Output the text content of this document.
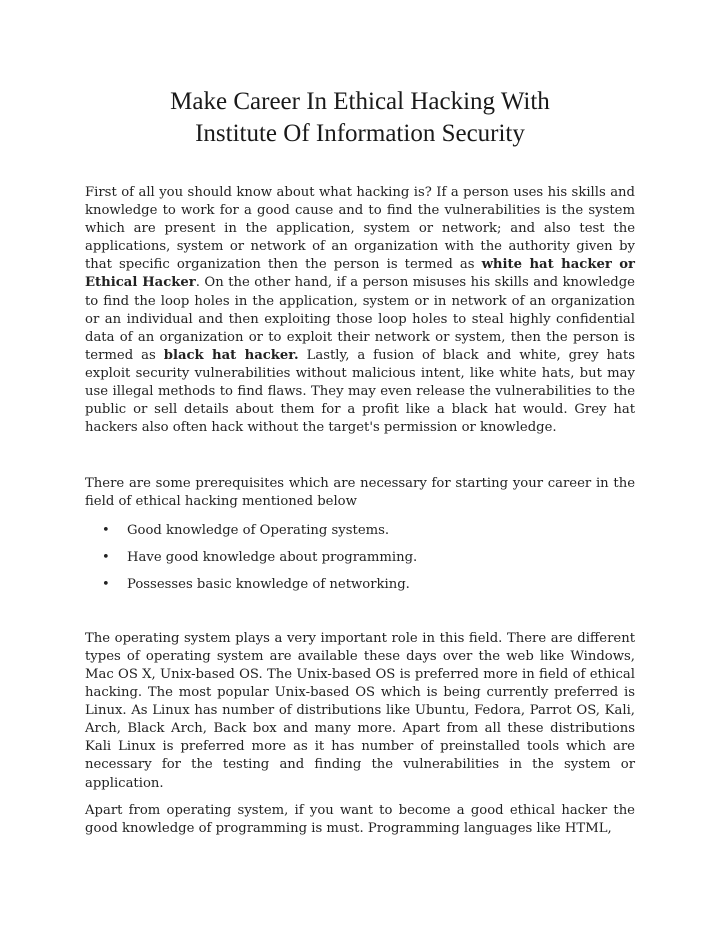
Make Career In Ethical Hacking With
Institute Of Information Security

First of all you should know about what hacking is? If a person uses his skills and knowledge to work for a good cause and to find the vulnerabilities is the system which are present in the application, system or network; and also test the applications, system or network of an organization with the authority given by that specific organization then the person is termed as white hat hacker or Ethical Hacker. On the other hand, if a person misuses his skills and knowledge to find the loop holes in the application, system or in network of an organization or an individual and then exploiting those loop holes to steal highly confidential data of an organization or to exploit their network or system, then the person is termed as black hat hacker. Lastly, a fusion of black and white, grey hats exploit security vulnerabilities without malicious intent, like white hats, but may use illegal methods to find flaws. They may even release the vulnerabilities to the public or sell details about them for a profit like a black hat would. Grey hat hackers also often hack without the target's permission or knowledge.

There are some prerequisites which are necessary for starting your career in the field of ethical hacking mentioned below

• Good knowledge of Operating systems.
• Have good knowledge about programming.
• Possesses basic knowledge of networking.

The operating system plays a very important role in this field. There are different types of operating system are available these days over the web like Windows, Mac OS X, Unix-based OS. The Unix-based OS is preferred more in field of ethical hacking. The most popular Unix-based OS which is being currently preferred is Linux. As Linux has number of distributions like Ubuntu, Fedora, Parrot OS, Kali, Arch, Black Arch, Back box and many more. Apart from all these distributions Kali Linux is preferred more as it has number of preinstalled tools which are necessary for the testing and finding the vulnerabilities in the system or application.

Apart from operating system, if you want to become a good ethical hacker the good knowledge of programming is must. Programming languages like HTML,
